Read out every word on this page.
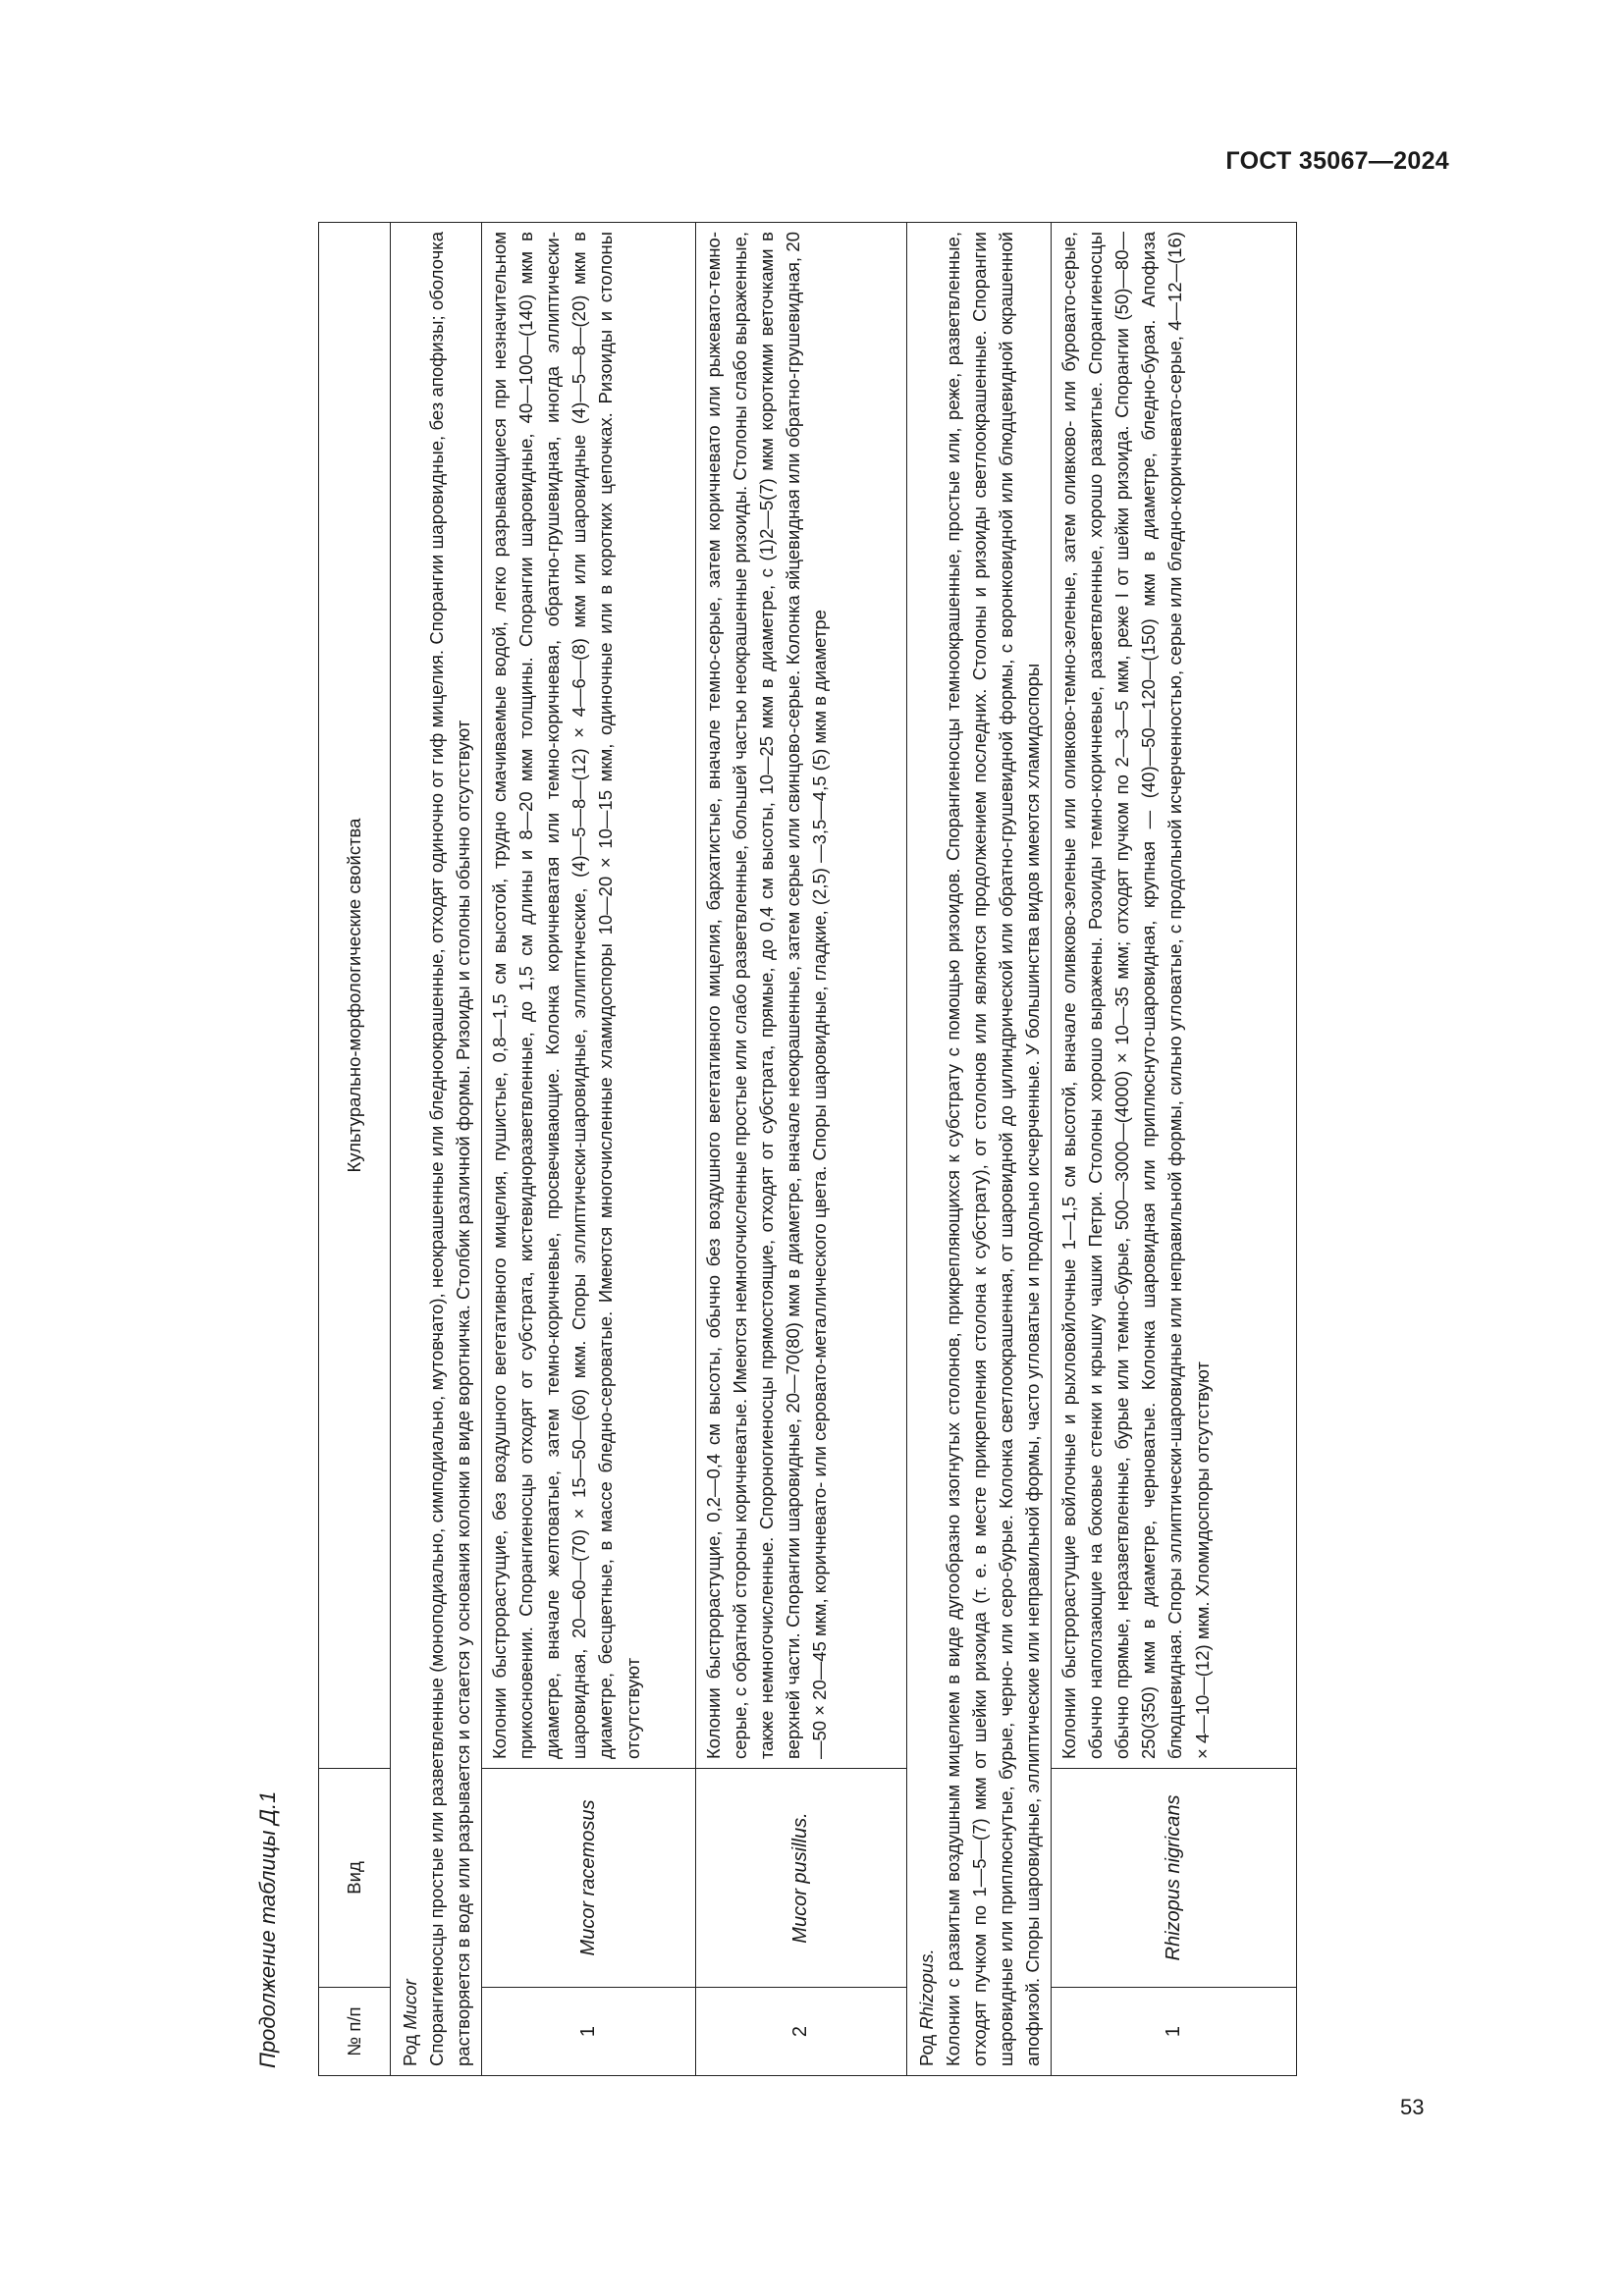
ГОСТ 35067—2024
53
Продолжение таблицы Д.1	№ п/п	Вид	Культурально-морфологические свойства
Род Mucor Спорангиеносцы простые или разветвленные (моноподиально, симподиально, мутовчато), неокрашенные или бледноокрашенные, отходят одиночно от гиф мицелия. Спорангии шаровидные, без апофизы; оболочка растворяется в воде или разрывается и остается у основания колонки в виде воротничка. Столбик различной формы. Ризоиды и столоны обычно отсутствуют		
1	Mucor racemosus	Колонии быстрорастущие, без воздушного вегетативного мицелия, пушистые, 0,8—1,5 см высотой, трудно смачиваемые водой, легко разрывающиеся при незначительном прикосновении. Спорангиеносцы отходят от субстрата, кистевидноразветвленные, до 1,5 см длины и 8—20 мкм толщины. Спорангии шаровидные, 40—100—(140) мкм в диаметре, вначале желтоватые, затем темно-коричневые, просвечивающие. Колонка коричневатая или темно-коричневая, обратно-грушевидная, иногда эллиптически-шаровидная, 20—60—(70) × 15—50—(60) мкм. Споры эллиптически-шаровидные, эллиптические, (4)—5—8—(12) × 4—6—(8) мкм или шаровидные (4)—5—8—(20) мкм в диаметре, бесцветные, в массе бледно-сероватые. Имеются многочисленные хламидоспоры 10—20 × 10—15 мкм, одиночные или в коротких цепочках. Ризоиды и столоны отсутствуют
2	Mucor pusillus.	Колонии быстрорастущие, 0,2—0,4 см высоты, обычно без воздушного вегетативного мицелия, бархатистые, вначале темно-серые, затем коричневато или рыжевато-темно-серые, с обратной стороны коричневатые. Имеются немногочисленные простые или слабо разветвленные, большей частью неокрашенные ризоиды. Столоны слабо выраженные, также немногочисленные. Спороногиеносцы прямостоящие, отходят от субстрата, прямые, до 0,4 см высоты, 10—25 мкм в диаметре, с (1)2—5(7) мкм короткими веточками в верхней части. Спорангии шаровидные, 20—70(80) мкм в диаметре, вначале неокрашенные, затем серые или свинцово-серые. Колонка яйцевидная или обратно-грушевидная, 20—50 × 20—45 мкм, коричневато- или серовато-металлического цвета. Споры шаровидные, гладкие, (2,5) —3,5—4,5 (5) мкм в диаметре
Род Rhizopus. Колонии с развитым воздушным мицелием в виде дугообразно изогнутых столонов, прикрепляющихся к субстрату с помощью ризоидов. Спорангиеносцы темноокрашенные, простые или, реже, разветвленные, отходят пучком по 1—5—(7) мкм от шейки ризоида (т. е. в месте прикрепления столона к субстрату), от столонов или являются продолжением последних. Столоны и ризоиды светлоокрашенные. Спорангии шаровидные или приплюснутые, бурые, черно- или серо-бурые. Колонка светлоокрашенная, от шаровидной до цилиндрической или обратно-грушевидной формы, с воронковидной или блюдцевидной окрашенной апофизой. Споры шаровидные, эллиптические или неправильной формы, часто угловатые и продольно исчерченные. У большинства видов имеются хламидоспоры		
1	Rhizopus nigricans	Колонии быстрорастущие войлочные и рыхловойлочные 1—1,5 см высотой, вначале оливково-зеленые или оливково-темно-зеленые, затем оливково- или буровато-серые, обычно наползающие на боковые стенки и крышку чашки Петри. Столоны хорошо выражены. Розоиды темно-коричневые, разветвленные, хорошо развитые. Спорангиеносцы обычно прямые, неразветвленные, бурые или темно-бурые, 500—3000—(4000) × 10—35 мкм; отходят пучком по 2—3—5 мкм, реже I от шейки ризоида. Спорангии (50)—80—250(350) мкм в диаметре, черноватые. Колонка шаровидная или приплюснуто-шаровидная, крупная — (40)—50—120—(150) мкм в диаметре, бледно-бурая. Апофиза блюдцевидная. Споры эллиптически-шаровидные или неправильной формы, сильно угловатые, с продольной исчерченностью, серые или бледно-коричневато-серые, 4—12—(16) × 4—10—(12) мкм. Хломидоспоры отсутствуют
